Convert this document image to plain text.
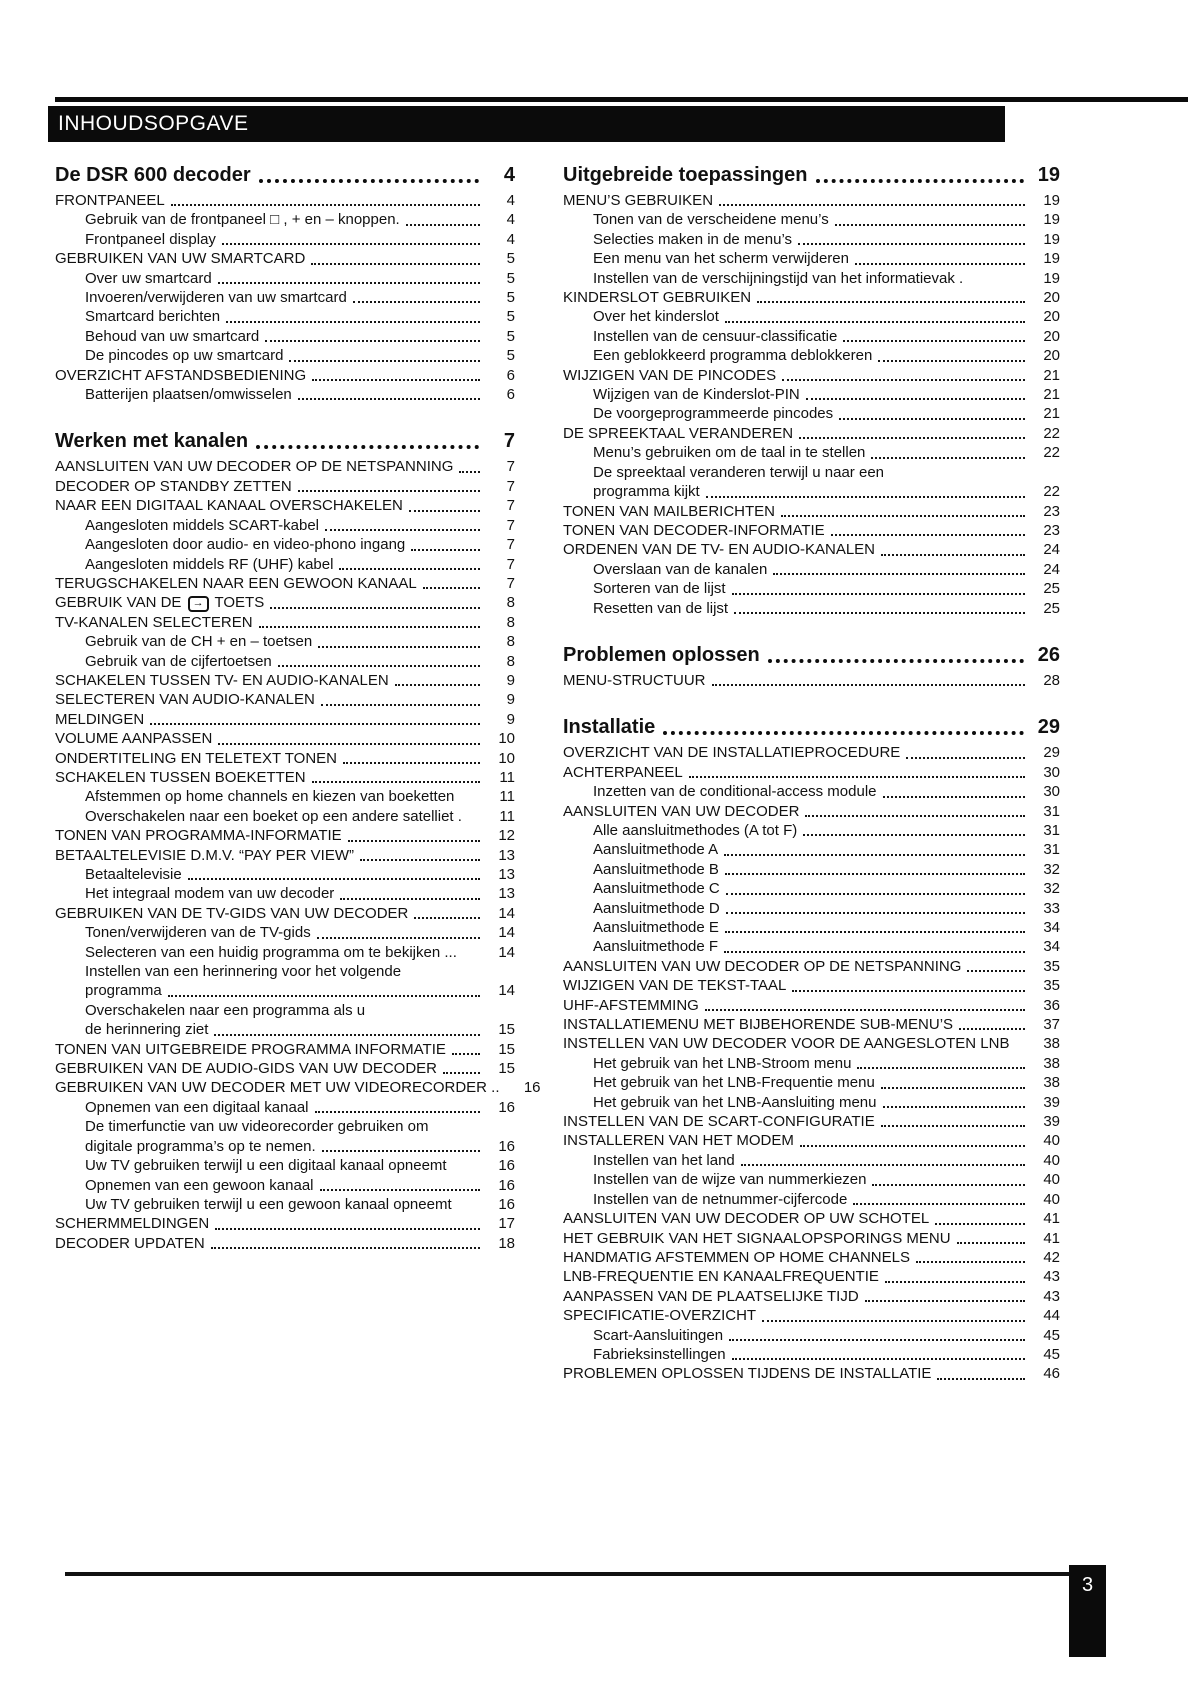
INHOUDSOPGAVE
De DSR 600 decoder	4
FRONTPANEEL	4
Gebruik van de frontpaneel □ , + en – knoppen.	4
Frontpaneel display	4
GEBRUIKEN VAN UW SMARTCARD	5
Over uw smartcard	5
Invoeren/verwijderen van uw smartcard	5
Smartcard berichten	5
Behoud van uw smartcard	5
De pincodes op uw smartcard	5
OVERZICHT AFSTANDSBEDIENING	6
Batterijen plaatsen/omwisselen	6
Werken met kanalen	7
AANSLUITEN VAN UW DECODER OP DE NETSPANNING	7
DECODER OP STANDBY ZETTEN	7
NAAR EEN DIGITAAL KANAAL OVERSCHAKELEN	7
Aangesloten middels SCART-kabel	7
Aangesloten door audio- en video-phono ingang	7
Aangesloten middels RF (UHF) kabel	7
TERUGSCHAKELEN NAAR EEN GEWOON KANAAL	7
GEBRUIK VAN DE → TOETS	8
TV-KANALEN SELECTEREN	8
Gebruik van de CH + en – toetsen	8
Gebruik van de cijfertoetsen	8
SCHAKELEN TUSSEN TV- EN AUDIO-KANALEN	9
SELECTEREN VAN AUDIO-KANALEN	9
MELDINGEN	9
VOLUME AANPASSEN	10
ONDERTITELING EN TELETEXT TONEN	10
SCHAKELEN TUSSEN BOEKETTEN	11
Afstemmen op home channels en kiezen van boeketten	11
Overschakelen naar een boeket op een andere satelliet .	11
TONEN VAN PROGRAMMA-INFORMATIE	12
BETAALTELEVISIE D.M.V. “PAY PER VIEW”	13
Betaaltelevisie	13
Het integraal modem van uw decoder	13
GEBRUIKEN VAN DE TV-GIDS VAN UW DECODER	14
Tonen/verwijderen van de TV-gids	14
Selecteren van een huidig programma om te bekijken ...	14
Instellen van een herinnering voor het volgende
programma	14
Overschakelen naar een programma als u
de herinnering ziet	15
TONEN VAN UITGEBREIDE PROGRAMMA INFORMATIE	15
GEBRUIKEN VAN DE AUDIO-GIDS VAN UW DECODER	15
GEBRUIKEN VAN UW DECODER MET UW VIDEORECORDER ..	16
Opnemen van een digitaal kanaal	16
De timerfunctie van uw videorecorder gebruiken om
digitale programma’s op te nemen.	16
Uw TV gebruiken terwijl u een digitaal kanaal opneemt	16
Opnemen van een gewoon kanaal	16
Uw TV gebruiken terwijl u een gewoon kanaal opneemt	16
SCHERMMELDINGEN	17
DECODER UPDATEN	18
Uitgebreide toepassingen	19
MENU’S GEBRUIKEN	19
Tonen van de verscheidene menu’s	19
Selecties maken in de menu’s	19
Een menu van het scherm verwijderen	19
Instellen van de verschijningstijd van het informatievak .	19
KINDERSLOT GEBRUIKEN	20
Over het kinderslot	20
Instellen van de censuur-classificatie	20
Een geblokkeerd programma deblokkeren	20
WIJZIGEN VAN DE PINCODES	21
Wijzigen van de Kinderslot-PIN	21
De voorgeprogrammeerde pincodes	21
DE SPREEKTAAL VERANDEREN	22
Menu’s gebruiken om de taal in te stellen	22
De spreektaal veranderen terwijl u naar een
programma kijkt	22
TONEN VAN MAILBERICHTEN	23
TONEN VAN DECODER-INFORMATIE	23
ORDENEN VAN DE TV- EN AUDIO-KANALEN	24
Overslaan van de kanalen	24
Sorteren van de lijst	25
Resetten van de lijst	25
Problemen oplossen	26
MENU-STRUCTUUR	28
Installatie	29
OVERZICHT VAN DE INSTALLATIEPROCEDURE	29
ACHTERPANEEL	30
Inzetten van de conditional-access module	30
AANSLUITEN VAN UW DECODER	31
Alle aansluitmethodes (A tot F)	31
Aansluitmethode A	31
Aansluitmethode B	32
Aansluitmethode C	32
Aansluitmethode D	33
Aansluitmethode E	34
Aansluitmethode F	34
AANSLUITEN VAN UW DECODER OP DE NETSPANNING	35
WIJZIGEN VAN DE TEKST-TAAL	35
UHF-AFSTEMMING	36
INSTALLATIEMENU MET BIJBEHORENDE SUB-MENU’S	37
INSTELLEN VAN UW DECODER VOOR DE AANGESLOTEN LNB	38
Het gebruik van het LNB-Stroom menu	38
Het gebruik van het LNB-Frequentie menu	38
Het gebruik van het LNB-Aansluiting menu	39
INSTELLEN VAN DE SCART-CONFIGURATIE	39
INSTALLEREN VAN HET MODEM	40
Instellen van het land	40
Instellen van de wijze van nummerkiezen	40
Instellen van de netnummer-cijfercode	40
AANSLUITEN VAN UW DECODER OP UW SCHOTEL	41
HET GEBRUIK VAN HET SIGNAALOPSPORINGS MENU	41
HANDMATIG AFSTEMMEN OP HOME CHANNELS	42
LNB-FREQUENTIE EN KANAALFREQUENTIE	43
AANPASSEN VAN DE PLAATSELIJKE TIJD	43
SPECIFICATIE-OVERZICHT	44
Scart-Aansluitingen	45
Fabrieksinstellingen	45
PROBLEMEN OPLOSSEN TIJDENS DE INSTALLATIE	46
3
